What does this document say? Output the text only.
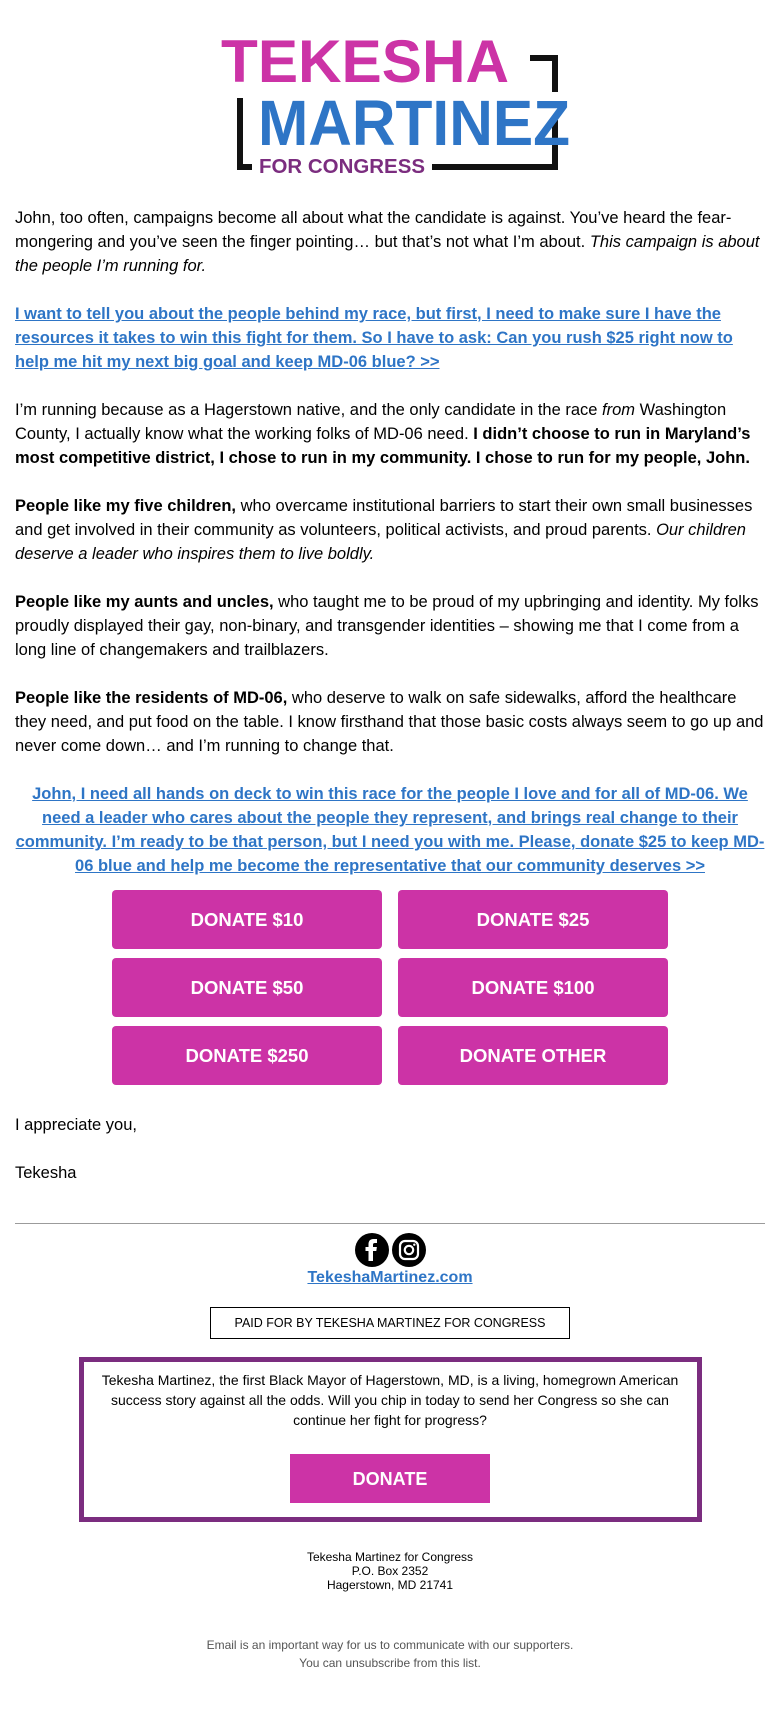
TEKESHA
MARTINEZ
FOR CONGRESS

John, too often, campaigns become all about what the candidate is against. You’ve heard the fear-mongering and you’ve seen the finger pointing… but that’s not what I’m about. This campaign is about the people I’m running for.

I want to tell you about the people behind my race, but first, I need to make sure I have the resources it takes to win this fight for them. So I have to ask: Can you rush $25 right now to help me hit my next big goal and keep MD-06 blue? >>

I’m running because as a Hagerstown native, and the only candidate in the race from Washington County, I actually know what the working folks of MD-06 need. I didn’t choose to run in Maryland’s most competitive district, I chose to run in my community. I chose to run for my people, John.

People like my five children, who overcame institutional barriers to start their own small businesses and get involved in their community as volunteers, political activists, and proud parents. Our children deserve a leader who inspires them to live boldly.

People like my aunts and uncles, who taught me to be proud of my upbringing and identity. My folks proudly displayed their gay, non-binary, and transgender identities – showing me that I come from a long line of changemakers and trailblazers.

People like the residents of MD-06, who deserve to walk on safe sidewalks, afford the healthcare they need, and put food on the table. I know firsthand that those basic costs always seem to go up and never come down… and I’m running to change that.

John, I need all hands on deck to win this race for the people I love and for all of MD-06. We need a leader who cares about the people they represent, and brings real change to their community. I’m ready to be that person, but I need you with me. Please, donate $25 to keep MD-06 blue and help me become the representative that our community deserves >>

DONATE $10	DONATE $25
DONATE $50	DONATE $100
DONATE $250	DONATE OTHER
I appreciate you,
Tekesha
TekeshaMartinez.com
PAID FOR BY TEKESHA MARTINEZ FOR CONGRESS
Tekesha Martinez, the first Black Mayor of Hagerstown, MD, is a living, homegrown American success story against all the odds. Will you chip in today to send her Congress so she can continue her fight for progress?
DONATE
Tekesha Martinez for Congress
P.O. Box 2352
Hagerstown, MD 21741
Email is an important way for us to communicate with our supporters.
You can unsubscribe from this list.
